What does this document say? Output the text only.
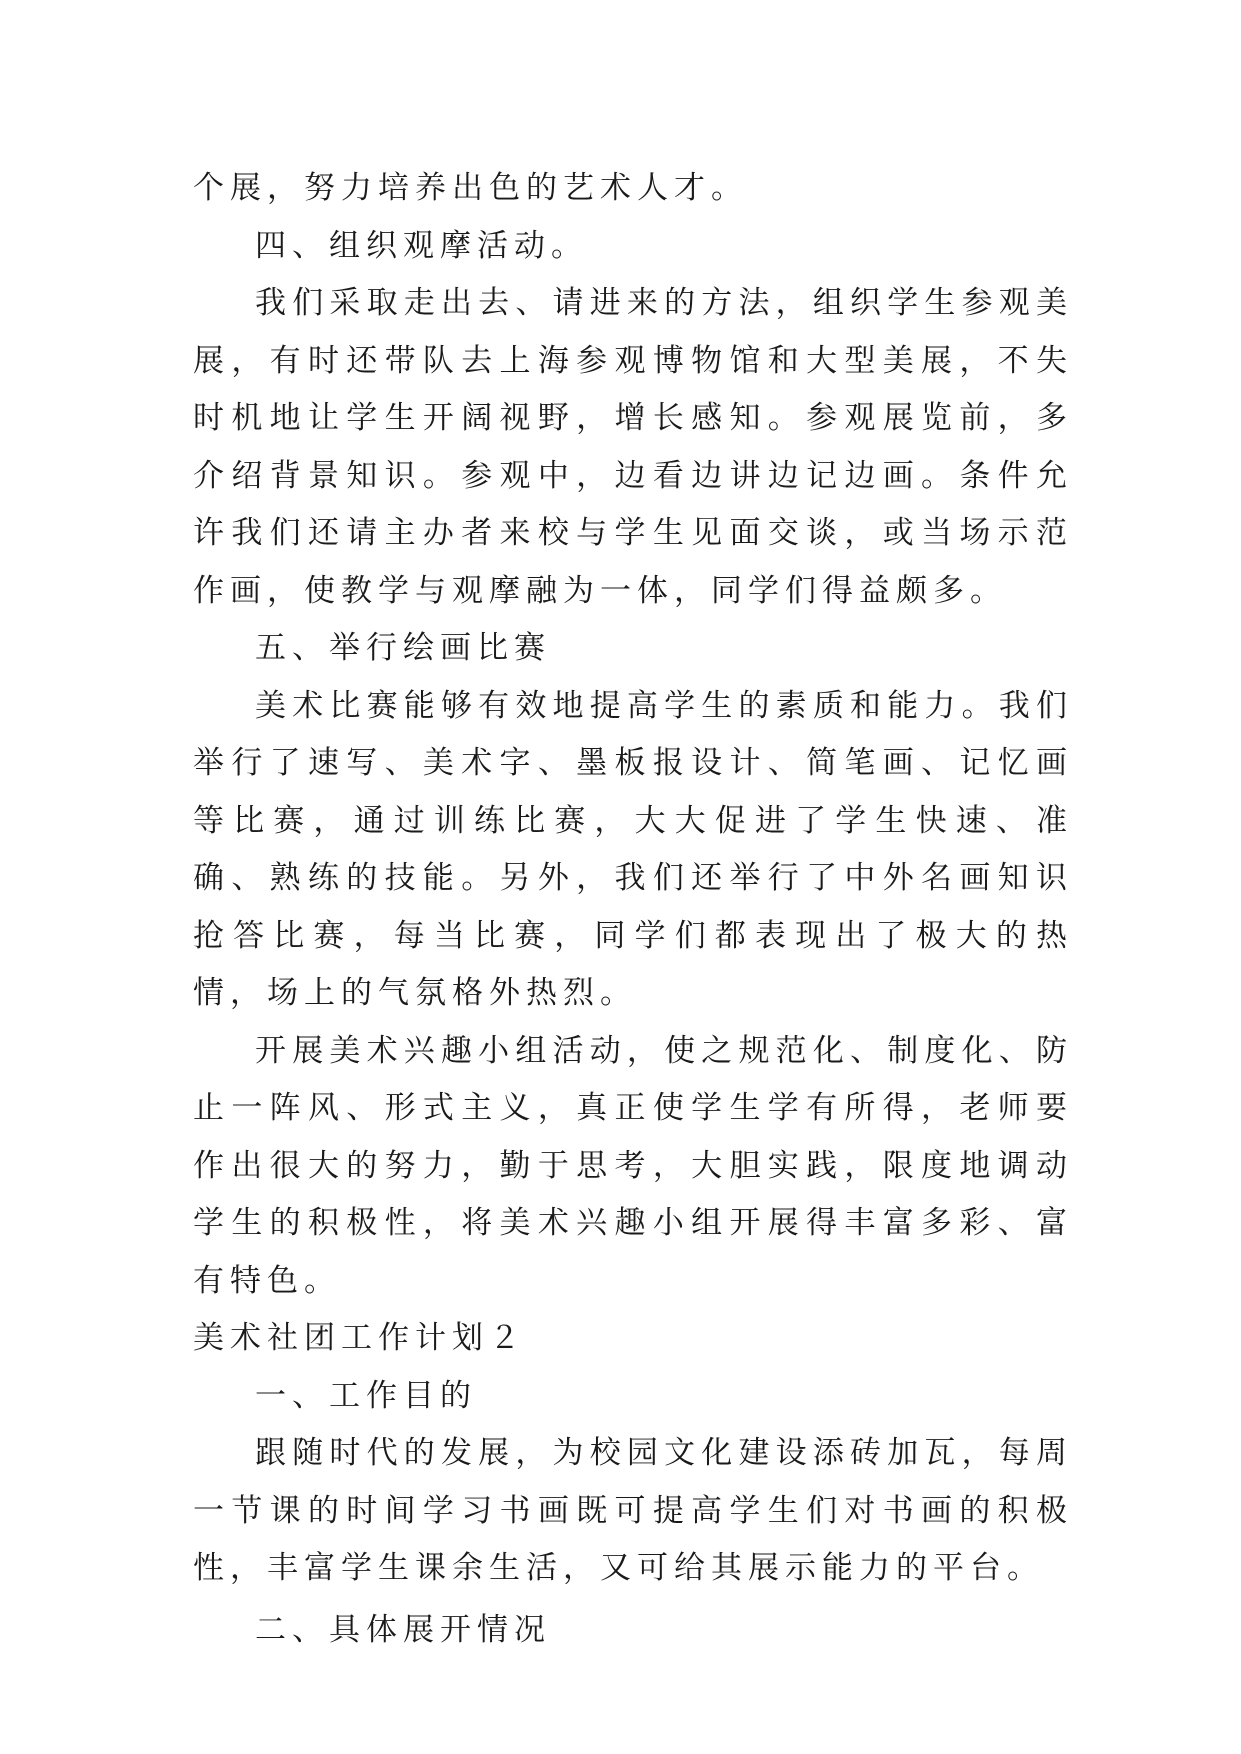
个展，努力培养出色的艺术人才。

四、组织观摩活动。

我们采取走出去、请进来的方法，组织学生参观美展，有时还带队去上海参观博物馆和大型美展，不失时机地让学生开阔视野，增长感知。参观展览前，多介绍背景知识。参观中，边看边讲边记边画。条件允许我们还请主办者来校与学生见面交谈，或当场示范作画，使教学与观摩融为一体，同学们得益颇多。

五、举行绘画比赛

美术比赛能够有效地提高学生的素质和能力。我们举行了速写、美术字、墨板报设计、简笔画、记忆画等比赛，通过训练比赛，大大促进了学生快速、准确、熟练的技能。另外，我们还举行了中外名画知识抢答比赛，每当比赛，同学们都表现出了极大的热情，场上的气氛格外热烈。

开展美术兴趣小组活动，使之规范化、制度化、防止一阵风、形式主义，真正使学生学有所得，老师要作出很大的努力，勤于思考，大胆实践，限度地调动学生的积极性，将美术兴趣小组开展得丰富多彩、富有特色。

美术社团工作计划２

一、工作目的

跟随时代的发展，为校园文化建设添砖加瓦，每周一节课的时间学习书画既可提高学生们对书画的积极性，丰富学生课余生活，又可给其展示能力的平台。

二、具体展开情况
